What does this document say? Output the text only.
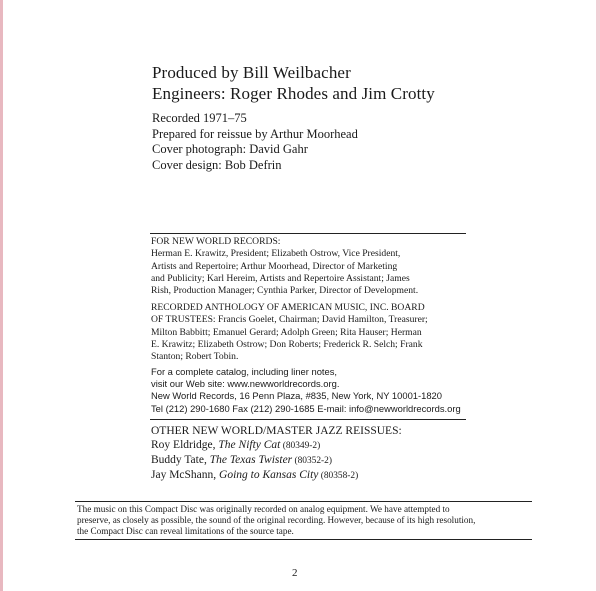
Produced by Bill Weilbacher
Engineers: Roger Rhodes and Jim Crotty
Recorded 1971–75
Prepared for reissue by Arthur Moorhead
Cover photograph: David Gahr
Cover design: Bob Defrin
FOR NEW WORLD RECORDS:
Herman E. Krawitz, President; Elizabeth Ostrow, Vice President,
Artists and Repertoire; Arthur Moorhead, Director of Marketing
and Publicity; Karl Hereim, Artists and Repertoire Assistant; James
Rish, Production Manager; Cynthia Parker, Director of Development.
RECORDED ANTHOLOGY OF AMERICAN MUSIC, INC. BOARD
OF TRUSTEES: Francis Goelet, Chairman; David Hamilton, Treasurer;
Milton Babbitt; Emanuel Gerard; Adolph Green; Rita Hauser; Herman
E. Krawitz; Elizabeth Ostrow; Don Roberts; Frederick R. Selch; Frank
Stanton; Robert Tobin.
For a complete catalog, including liner notes,
visit our Web site: www.newworldrecords.org.
New World Records, 16 Penn Plaza, #835, New York, NY 10001-1820
Tel (212) 290-1680 Fax (212) 290-1685 E-mail: info@newworldrecords.org
OTHER NEW WORLD/MASTER JAZZ REISSUES:
Roy Eldridge, The Nifty Cat (80349-2)
Buddy Tate, The Texas Twister (80352-2)
Jay McShann, Going to Kansas City (80358-2)
The music on this Compact Disc was originally recorded on analog equipment. We have attempted to
preserve, as closely as possible, the sound of the original recording. However, because of its high resolution,
the Compact Disc can reveal limitations of the source tape.
2
